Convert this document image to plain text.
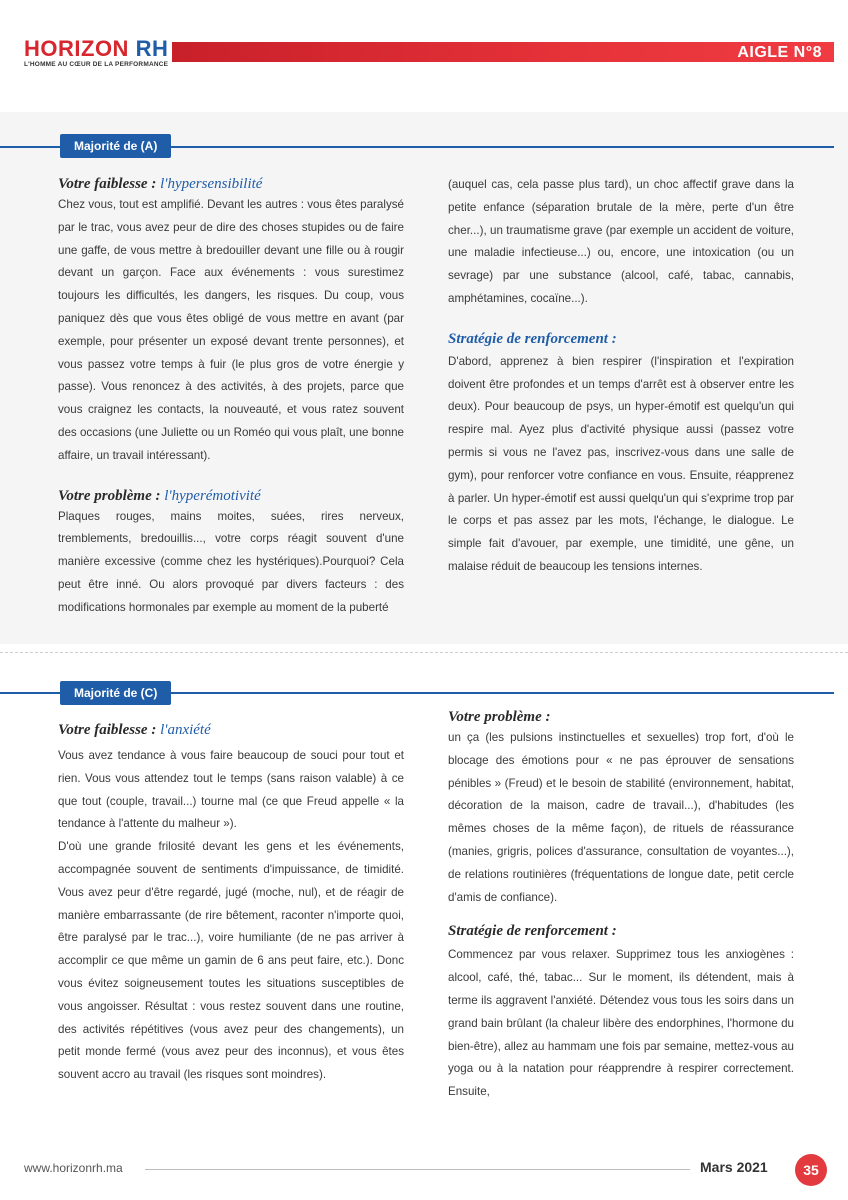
HORIZON RH
L'HOMME AU CŒUR DE LA PERFORMANCE
AIGLE N°8
Majorité de (A)

Votre faiblesse : l'hypersensibilité

Chez vous, tout est amplifié. Devant les autres : vous êtes paralysé par le trac, vous avez peur de dire des choses stupides ou de faire une gaffe, de vous mettre à bredouiller devant une fille ou à rougir devant un garçon. Face aux événements : vous surestimez toujours les difficultés, les dangers, les risques. Du coup, vous paniquez dès que vous êtes obligé de vous mettre en avant (par exemple, pour présenter un exposé devant trente personnes), et vous passez votre temps à fuir (le plus gros de votre énergie y passe). Vous renoncez à des activités, à des projets, parce que vous craignez les contacts, la nouveauté, et vous ratez souvent des occasions (une Juliette ou un Roméo qui vous plaît, une bonne affaire, un travail intéressant).

Votre problème : l'hyperémotivité

Plaques rouges, mains moites, suées, rires nerveux, tremblements, bredouillis..., votre corps réagit souvent d'une manière excessive (comme chez les hystériques).Pourquoi? Cela peut être inné. Ou alors provoqué par divers facteurs : des modifications hormonales par exemple au moment de la puberté

(auquel cas, cela passe plus tard), un choc affectif grave dans la petite enfance (séparation brutale de la mère, perte d'un être cher...), un traumatisme grave (par exemple un accident de voiture, une maladie infectieuse...) ou, encore, une intoxication (ou un sevrage) par une substance (alcool, café, tabac, cannabis, amphétamines, cocaïne...).

Stratégie de renforcement :

D'abord, apprenez à bien respirer (l'inspiration et l'expiration doivent être profondes et un temps d'arrêt est à observer entre les deux). Pour beaucoup de psys, un hyper-émotif est quelqu'un qui respire mal. Ayez plus d'activité physique aussi (passez votre permis si vous ne l'avez pas, inscrivez-vous dans une salle de gym), pour renforcer votre confiance en vous. Ensuite, réapprenez à parler. Un hyper-émotif est aussi quelqu'un qui s'exprime trop par le corps et pas assez par les mots, l'échange, le dialogue. Le simple fait d'avouer, par exemple, une timidité, une gêne, un malaise réduit de beaucoup les tensions internes.

Majorité de (C)

Votre faiblesse : l'anxiété

Vous avez tendance à vous faire beaucoup de souci pour tout et rien. Vous vous attendez tout le temps (sans raison valable) à ce que tout (couple, travail...) tourne mal (ce que Freud appelle « la tendance à l'attente du malheur »).

D'où une grande frilosité devant les gens et les événements, accompagnée souvent de sentiments d'impuissance, de timidité. Vous avez peur d'être regardé, jugé (moche, nul), et de réagir de manière embarrassante (de rire bêtement, raconter n'importe quoi, être paralysé par le trac...), voire humiliante (de ne pas arriver à accomplir ce que même un gamin de 6 ans peut faire, etc.). Donc vous évitez soigneusement toutes les situations susceptibles de vous angoisser. Résultat : vous restez souvent dans une routine, des activités répétitives (vous avez peur des changements), un petit monde fermé (vous avez peur des inconnus), et vous êtes souvent accro au travail (les risques sont moindres).

Votre problème :

un ça (les pulsions instinctuelles et sexuelles) trop fort, d'où le blocage des émotions pour « ne pas éprouver de sensations pénibles » (Freud) et le besoin de stabilité (environnement, habitat, décoration de la maison, cadre de travail...), d'habitudes (les mêmes choses de la même façon), de rituels de réassurance (manies, grigris, polices d'assurance, consultation de voyantes...), de relations routinières (fréquentations de longue date, petit cercle d'amis de confiance).

Stratégie de renforcement :

Commencez par vous relaxer. Supprimez tous les anxiogènes : alcool, café, thé, tabac... Sur le moment, ils détendent, mais à terme ils aggravent l'anxiété. Détendez vous tous les soirs dans un grand bain brûlant (la chaleur libère des endorphines, l'hormone du bien-être), allez au hammam une fois par semaine, mettez-vous au yoga ou à la natation pour réapprendre à respirer correctement. Ensuite,

www.horizonrh.ma	Mars 2021	35
